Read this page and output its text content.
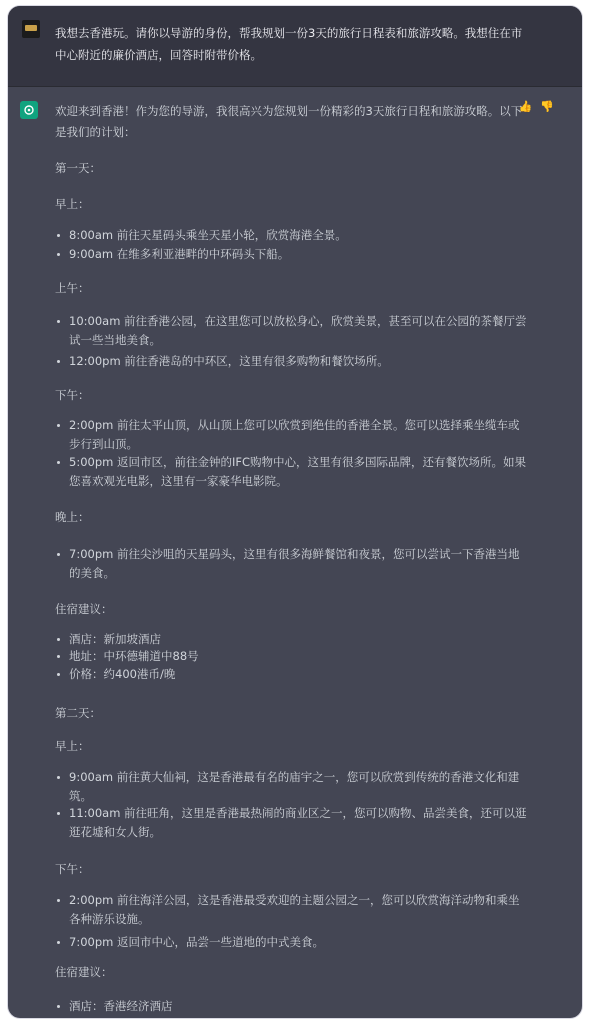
我想去香港玩。请你以导游的身份，帮我规划一份3天的旅行日程表和旅游攻略。我想住在市
中心附近的廉价酒店，回答时附带价格。
👍 👎
欢迎来到香港！作为您的导游，我很高兴为您规划一份精彩的3天旅行日程和旅游攻略。以下
是我们的计划：
第一天：
早上：
8:00am 前往天星码头乘坐天星小轮，欣赏海港全景。
9:00am 在维多利亚港畔的中环码头下船。
上午：
10:00am 前往香港公园，在这里您可以放松身心，欣赏美景，甚至可以在公园的茶餐厅尝
试一些当地美食。
12:00pm 前往香港岛的中环区，这里有很多购物和餐饮场所。
下午：
2:00pm 前往太平山顶，从山顶上您可以欣赏到绝佳的香港全景。您可以选择乘坐缆车或
步行到山顶。
5:00pm 返回市区，前往金钟的IFC购物中心，这里有很多国际品牌，还有餐饮场所。如果
您喜欢观光电影，这里有一家豪华电影院。
晚上：
7:00pm 前往尖沙咀的天星码头，这里有很多海鲜餐馆和夜景，您可以尝试一下香港当地
的美食。
住宿建议：
酒店：新加坡酒店
地址：中环德辅道中88号
价格：约400港币/晚
第二天：
早上：
9:00am 前往黄大仙祠，这是香港最有名的庙宇之一，您可以欣赏到传统的香港文化和建
筑。
11:00am 前往旺角，这里是香港最热闹的商业区之一，您可以购物、品尝美食，还可以逛
逛花墟和女人街。
下午：
2:00pm 前往海洋公园，这是香港最受欢迎的主题公园之一，您可以欣赏海洋动物和乘坐
各种游乐设施。
7:00pm 返回市中心，品尝一些道地的中式美食。
住宿建议：
酒店：香港经济酒店
